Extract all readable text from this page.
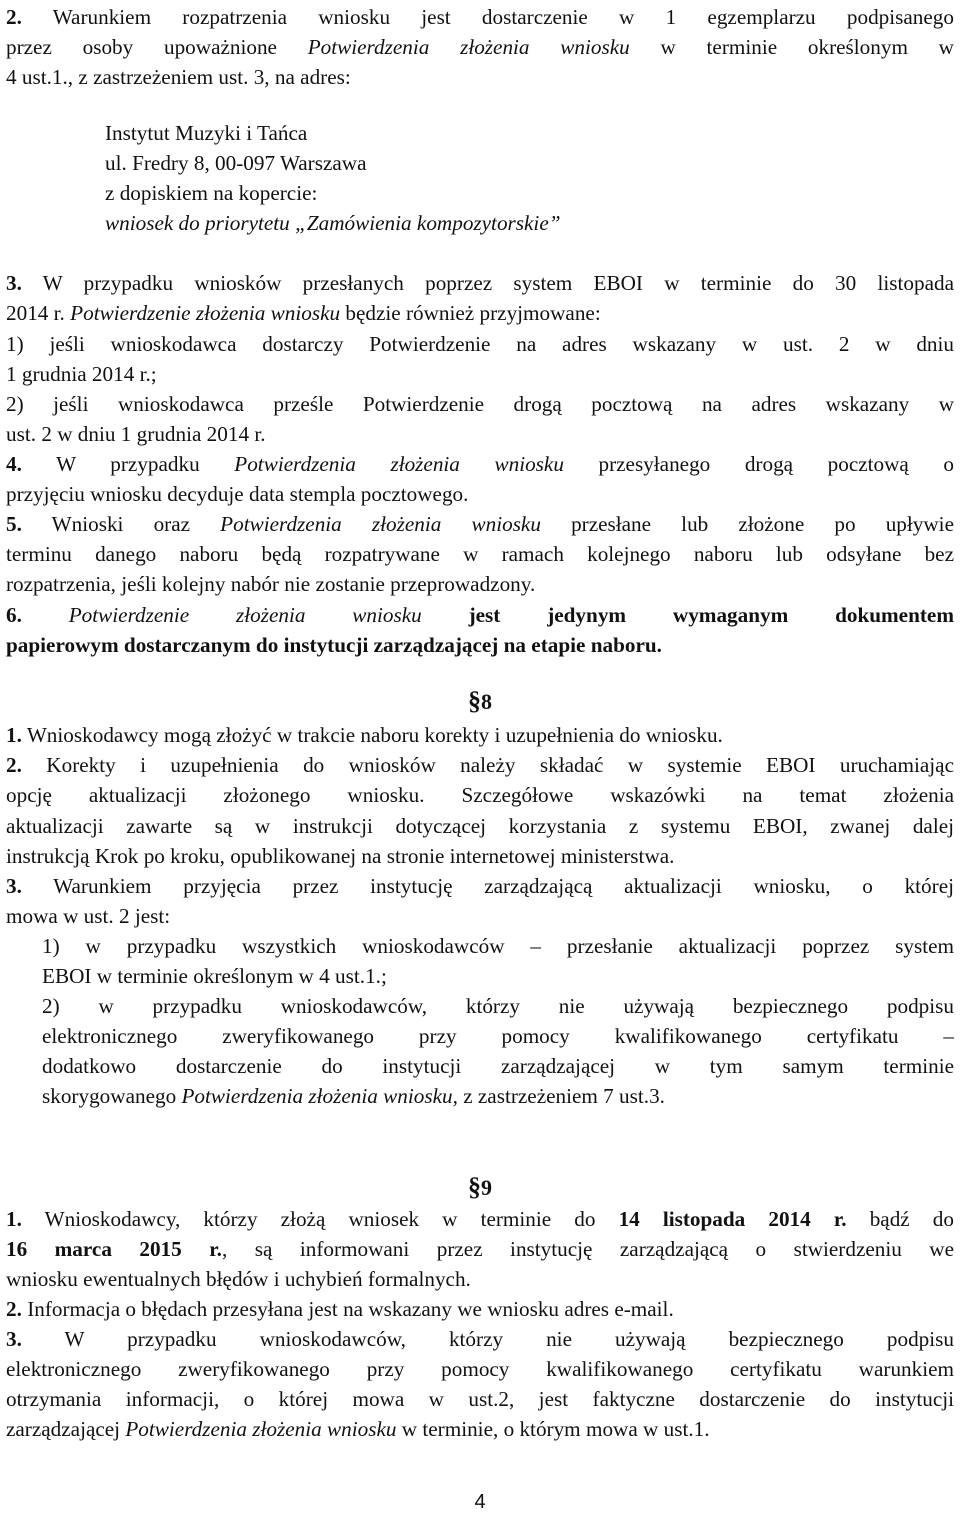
2. Warunkiem rozpatrzenia wniosku jest dostarczenie w 1 egzemplarzu podpisanego
przez osoby upoważnione Potwierdzenia złożenia wniosku w terminie określonym w
4 ust.1., z zastrzeżeniem ust. 3, na adres:
Instytut Muzyki i Tańca
ul. Fredry 8, 00-097 Warszawa
z dopiskiem na kopercie:
wniosek do priorytetu „Zamówienia kompozytorskie”
3. W przypadku wniosków przesłanych poprzez system EBOI w terminie do 30 listopada
2014 r. Potwierdzenie złożenia wniosku będzie również przyjmowane:
1) jeśli wnioskodawca dostarczy Potwierdzenie na adres wskazany w ust. 2 w dniu
1 grudnia 2014 r.;
2) jeśli wnioskodawca prześle Potwierdzenie drogą pocztową na adres wskazany w
ust. 2 w dniu 1 grudnia 2014 r.
4. W przypadku Potwierdzenia złożenia wniosku przesyłanego drogą pocztową o
przyjęciu wniosku decyduje data stempla pocztowego.
5. Wnioski oraz Potwierdzenia złożenia wniosku przesłane lub złożone po upływie
terminu danego naboru będą rozpatrywane w ramach kolejnego naboru lub odsyłane bez
rozpatrzenia, jeśli kolejny nabór nie zostanie przeprowadzony.
6. Potwierdzenie złożenia wniosku jest jedynym wymaganym dokumentem
papierowym dostarczanym do instytucji zarządzającej na etapie naboru.
§8
1. Wnioskodawcy mogą złożyć w trakcie naboru korekty i uzupełnienia do wniosku.
2. Korekty i uzupełnienia do wniosków należy składać w systemie EBOI uruchamiając
opcję aktualizacji złożonego wniosku. Szczegółowe wskazówki na temat złożenia
aktualizacji zawarte są w instrukcji dotyczącej korzystania z systemu EBOI, zwanej dalej
instrukcją Krok po kroku, opublikowanej na stronie internetowej ministerstwa.
3. Warunkiem przyjęcia przez instytucję zarządzającą aktualizacji wniosku, o której
mowa w ust. 2 jest:
1) w przypadku wszystkich wnioskodawców – przesłanie aktualizacji poprzez system
EBOI w terminie określonym w 4 ust.1.;
2) w przypadku wnioskodawców, którzy nie używają bezpiecznego podpisu
elektronicznego zweryfikowanego przy pomocy kwalifikowanego certyfikatu –
dodatkowo dostarczenie do instytucji zarządzającej w tym samym terminie
skorygowanego Potwierdzenia złożenia wniosku, z zastrzeżeniem 7 ust.3.
§9
1. Wnioskodawcy, którzy złożą wniosek w terminie do 14 listopada 2014 r. bądź do
16 marca 2015 r., są informowani przez instytucję zarządzającą o stwierdzeniu we
wniosku ewentualnych błędów i uchybień formalnych.
2. Informacja o błędach przesyłana jest na wskazany we wniosku adres e-mail.
3. W przypadku wnioskodawców, którzy nie używają bezpiecznego podpisu
elektronicznego zweryfikowanego przy pomocy kwalifikowanego certyfikatu warunkiem
otrzymania informacji, o której mowa w ust.2, jest faktyczne dostarczenie do instytucji
zarządzającej Potwierdzenia złożenia wniosku w terminie, o którym mowa w ust.1.
4
